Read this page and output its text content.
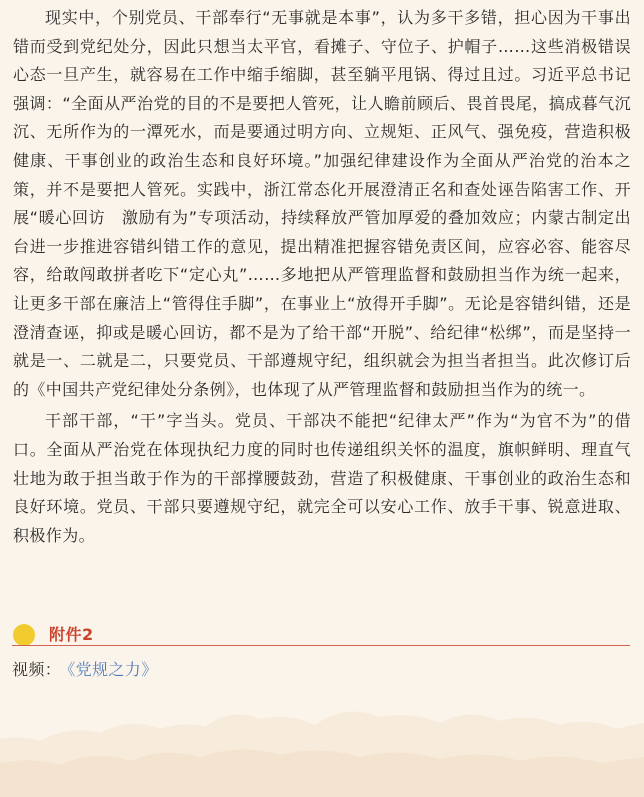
现实中，个别党员、干部奉行“无事就是本事”，认为多干多错，担心因为干事出错而受到党纪处分，因此只想当太平官，看摊子、守位子、护帽子……这些消极错误心态一旦产生，就容易在工作中缩手缩脚，甚至躺平甩锅、得过且过。习近平总书记强调：“全面从严治党的目的不是要把人管死，让人瞻前顾后、畏首畏尾，搞成暮气沉沉、无所作为的一潭死水，而是要通过明方向、立规矩、正风气、强免疫，营造积极健康、干事创业的政治生态和良好环境。”加强纪律建设作为全面从严治党的治本之策，并不是要把人管死。实践中，浙江常态化开展澄清正名和查处诬告陷害工作、开展“暖心回访　激励有为”专项活动，持续释放严管加厚爱的叠加效应；内蒙古制定出台进一步推进容错纠错工作的意见，提出精准把握容错免责区间，应容必容、能容尽容，给敢闯敢拼者吃下“定心丸”……多地把从严管理监督和鼓励担当作为统一起来，让更多干部在廉洁上“管得住手脚”，在事业上“放得开手脚”。无论是容错纠错，还是澄清查诬，抑或是暖心回访，都不是为了给干部“开脱”、给纪律“松绑”，而是坚持一就是一、二就是二，只要党员、干部遵规守纪，组织就会为担当者担当。此次修订后的《中国共产党纪律处分条例》，也体现了从严管理监督和鼓励担当作为的统一。

干部干部，“干”字当头。党员、干部决不能把“纪律太严”作为“为官不为”的借口。全面从严治党在体现执纪力度的同时也传递组织关怀的温度，旗帜鲜明、理直气壮地为敢于担当敢于作为的干部撑腰鼓劲，营造了积极健康、干事创业的政治生态和良好环境。党员、干部只要遵规守纪，就完全可以安心工作、放手干事、锐意进取、积极作为。

附件2
视频： 《党规之力》
